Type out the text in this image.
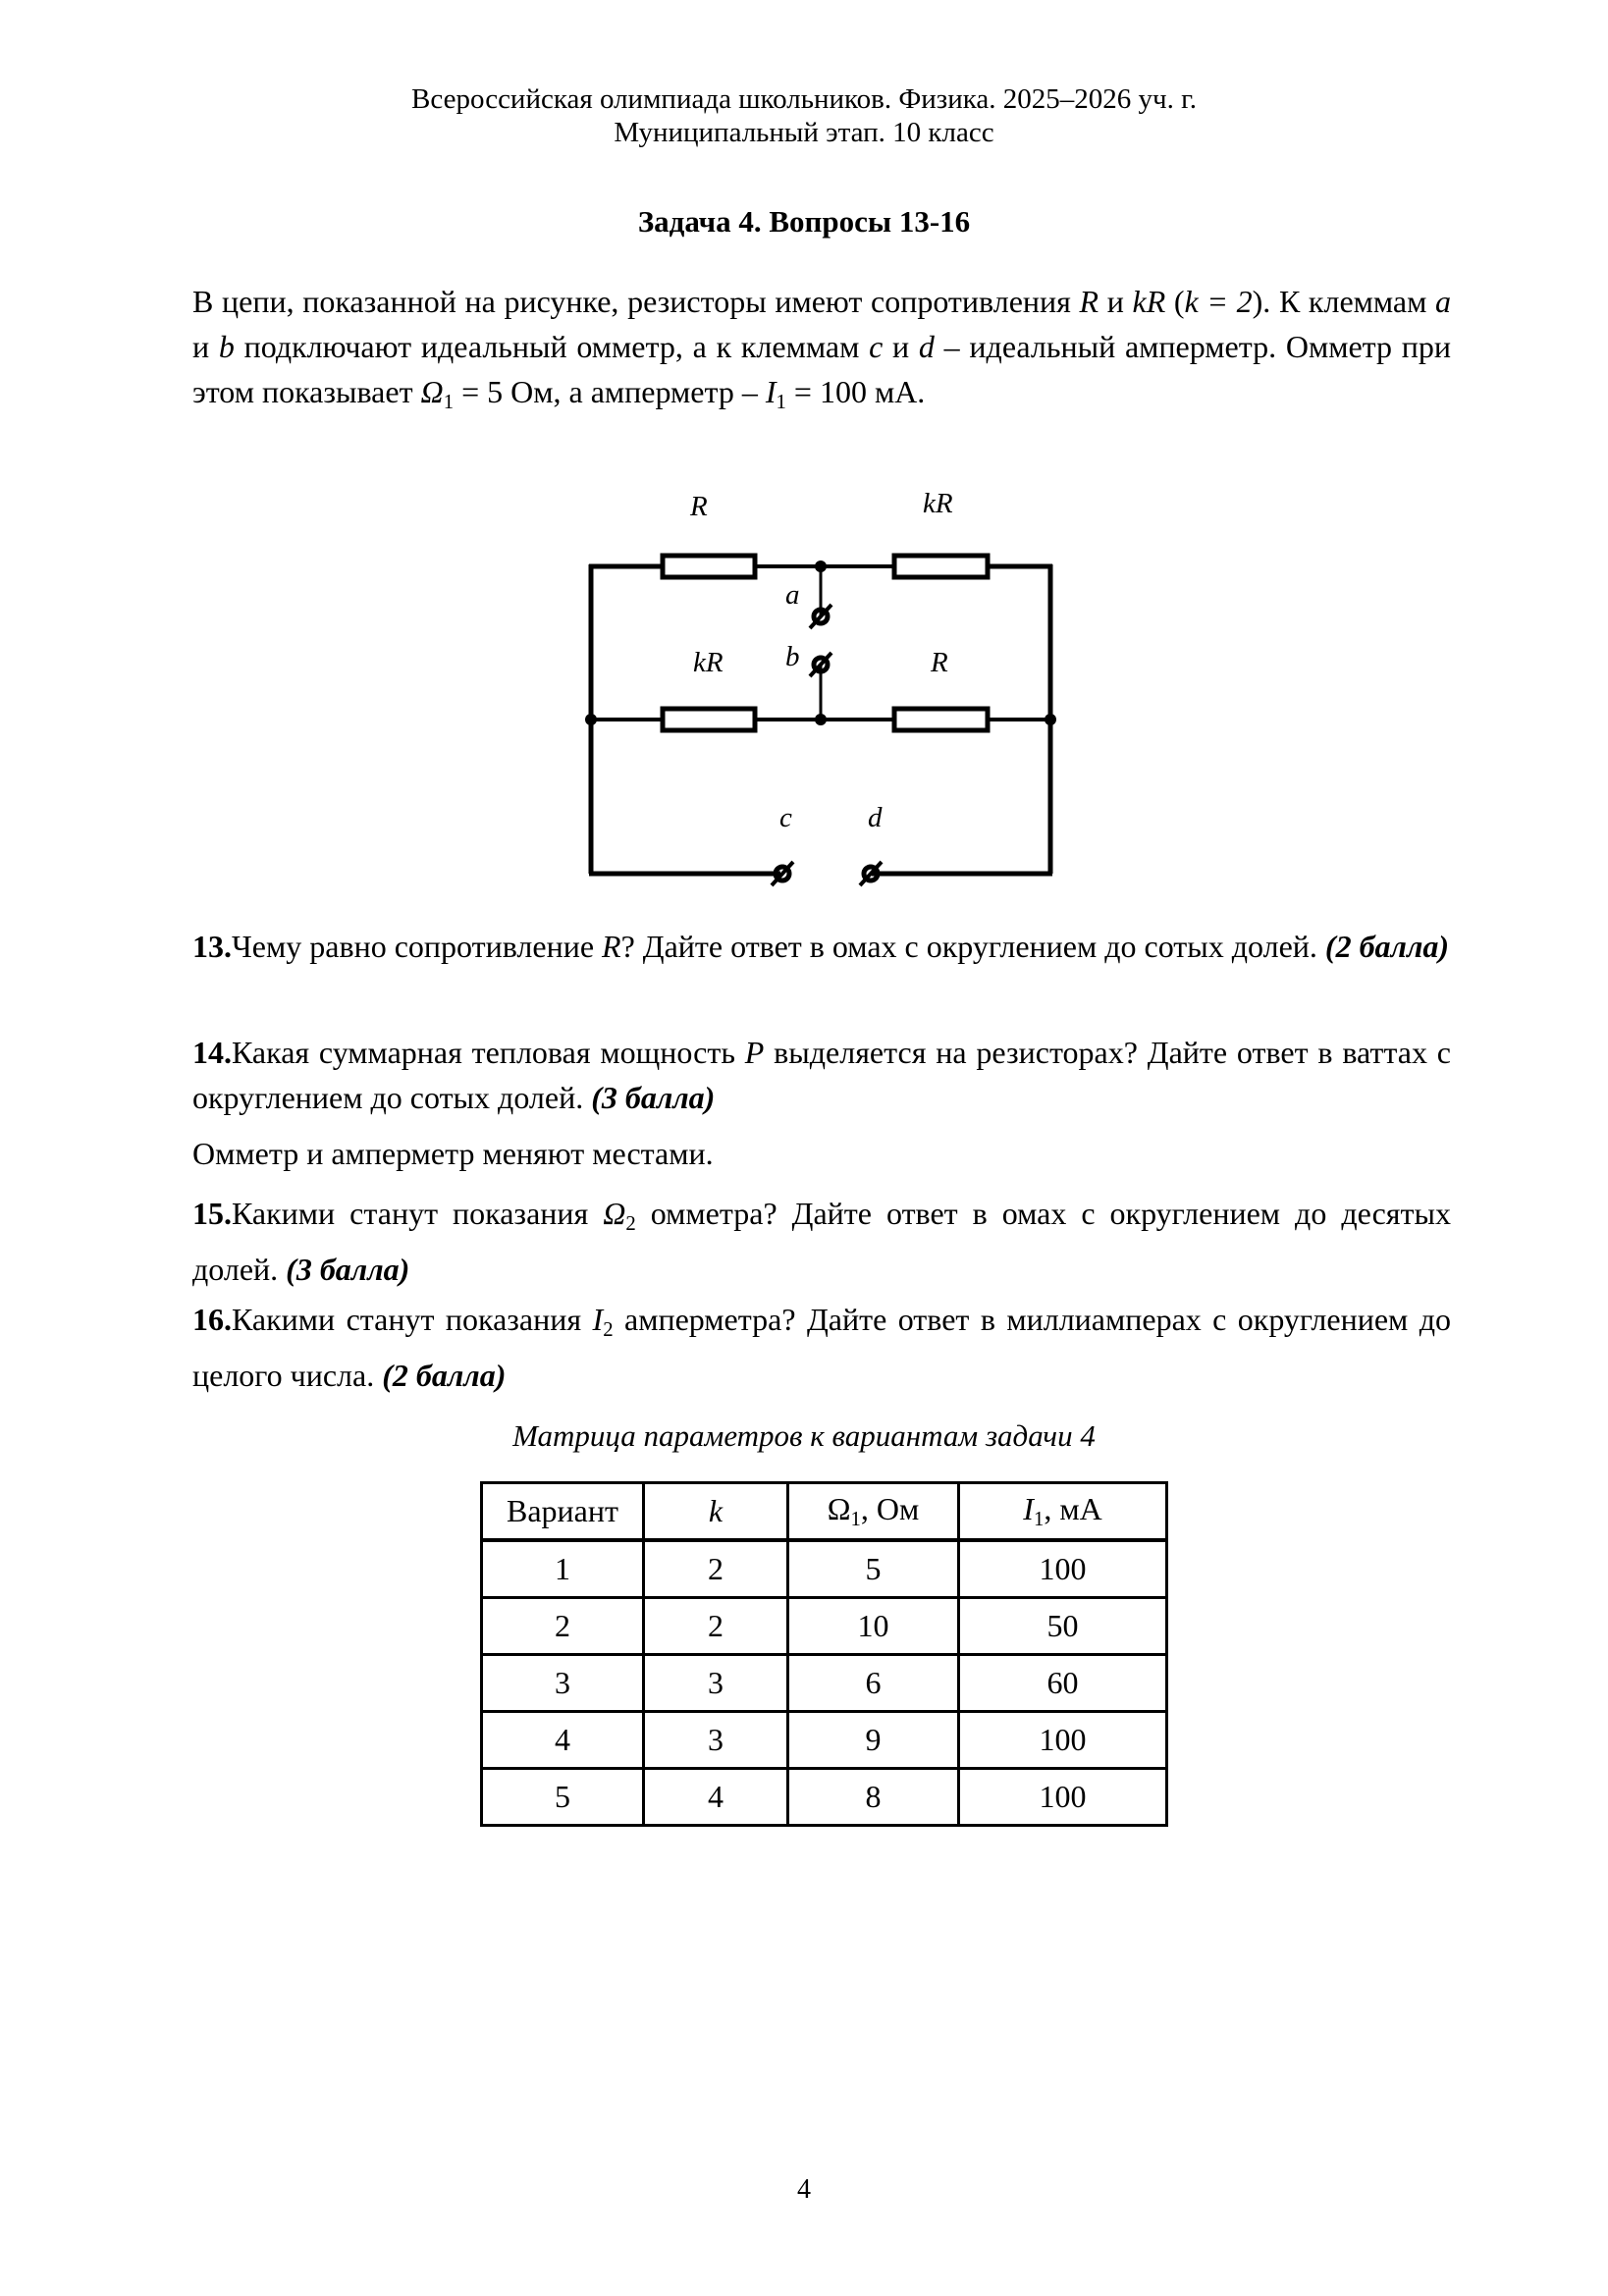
Всероссийская олимпиада школьников. Физика. 2025–2026 уч. г.
Муниципальный этап. 10 класс
Задача 4. Вопросы 13-16
В цепи, показанной на рисунке, резисторы имеют сопротивления R и kR (k = 2). К клеммам a и b подключают идеальный омметр, а к клеммам c и d – идеальный амперметр. Омметр при этом показывает $\Omega_1 = 5$ Ом, а амперметр – $I_1 = 100$ мА.
R	kR
kR	R
a
b
c	d
13.Чему равно сопротивление R? Дайте ответ в омах с округлением до сотых долей. (2 балла)
14.Какая суммарная тепловая мощность P выделяется на резисторах? Дайте ответ в ваттах с округлением до сотых долей. (3 балла)
Омметр и амперметр меняют местами.
15.Какими станут показания $\Omega_2$ омметра? Дайте ответ в омах с округлением до десятых долей. (3 балла)
16.Какими станут показания $I_2$ амперметра? Дайте ответ в миллиамперах с округлением до целого числа. (2 балла)
Матрица параметров к вариантам задачи 4
Вариант	k	$\Omega_1$, Ом	$I_1$, мА
1	2	5	100
2	2	10	50
3	3	6	60
4	3	9	100
5	4	8	100
4
